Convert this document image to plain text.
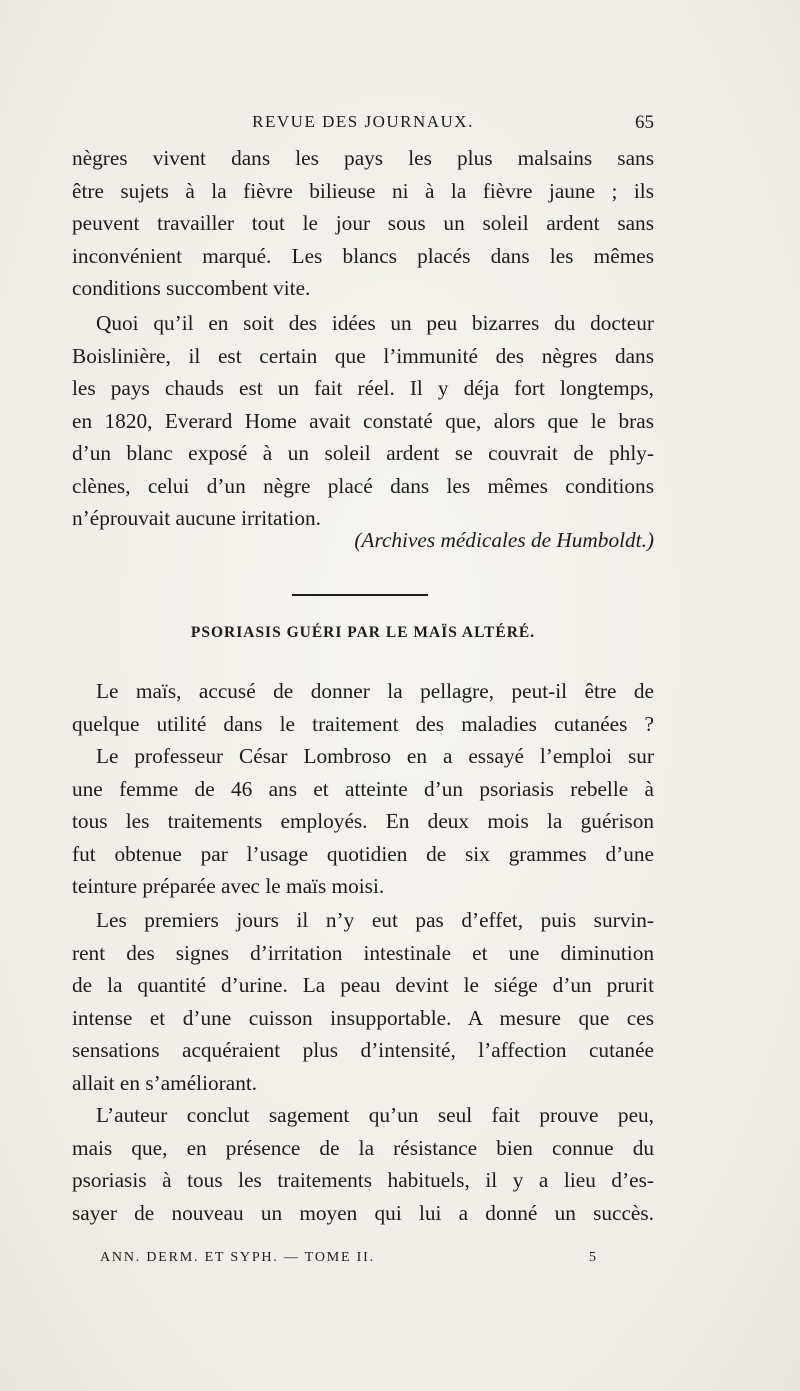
REVUE DES JOURNAUX.	65
nègres vivent dans les pays les plus malsains sans
être sujets à la fièvre bilieuse ni à la fièvre jaune ; ils
peuvent travailler tout le jour sous un soleil ardent sans
inconvénient marqué. Les blancs placés dans les mêmes
conditions succombent vite.
Quoi qu’il en soit des idées un peu bizarres du docteur
Boislinière, il est certain que l’immunité des nègres dans
les pays chauds est un fait réel. Il y déja fort longtemps,
en 1820, Everard Home avait constaté que, alors que le bras
d’un blanc exposé à un soleil ardent se couvrait de phly-
clènes, celui d’un nègre placé dans les mêmes conditions
n’éprouvait aucune irritation.
(Archives médicales de Humboldt.)
PSORIASIS GUÉRI PAR LE MAÏS ALTÉRÉ.
Le maïs, accusé de donner la pellagre, peut-il être de
quelque utilité dans le traitement des maladies cutanées ?
Le professeur César Lombroso en a essayé l’emploi sur
une femme de 46 ans et atteinte d’un psoriasis rebelle à
tous les traitements employés. En deux mois la guérison
fut obtenue par l’usage quotidien de six grammes d’une
teinture préparée avec le maïs moisi.
Les premiers jours il n’y eut pas d’effet, puis survin-
rent des signes d’irritation intestinale et une diminution
de la quantité d’urine. La peau devint le siége d’un prurit
intense et d’une cuisson insupportable. A mesure que ces
sensations acquéraient plus d’intensité, l’affection cutanée
allait en s’améliorant.
L’auteur conclut sagement qu’un seul fait prouve peu,
mais que, en présence de la résistance bien connue du
psoriasis à tous les traitements habituels, il y a lieu d’es-
sayer de nouveau un moyen qui lui a donné un succès.
ANN. DERM. ET SYPH. — TOME II.	5
